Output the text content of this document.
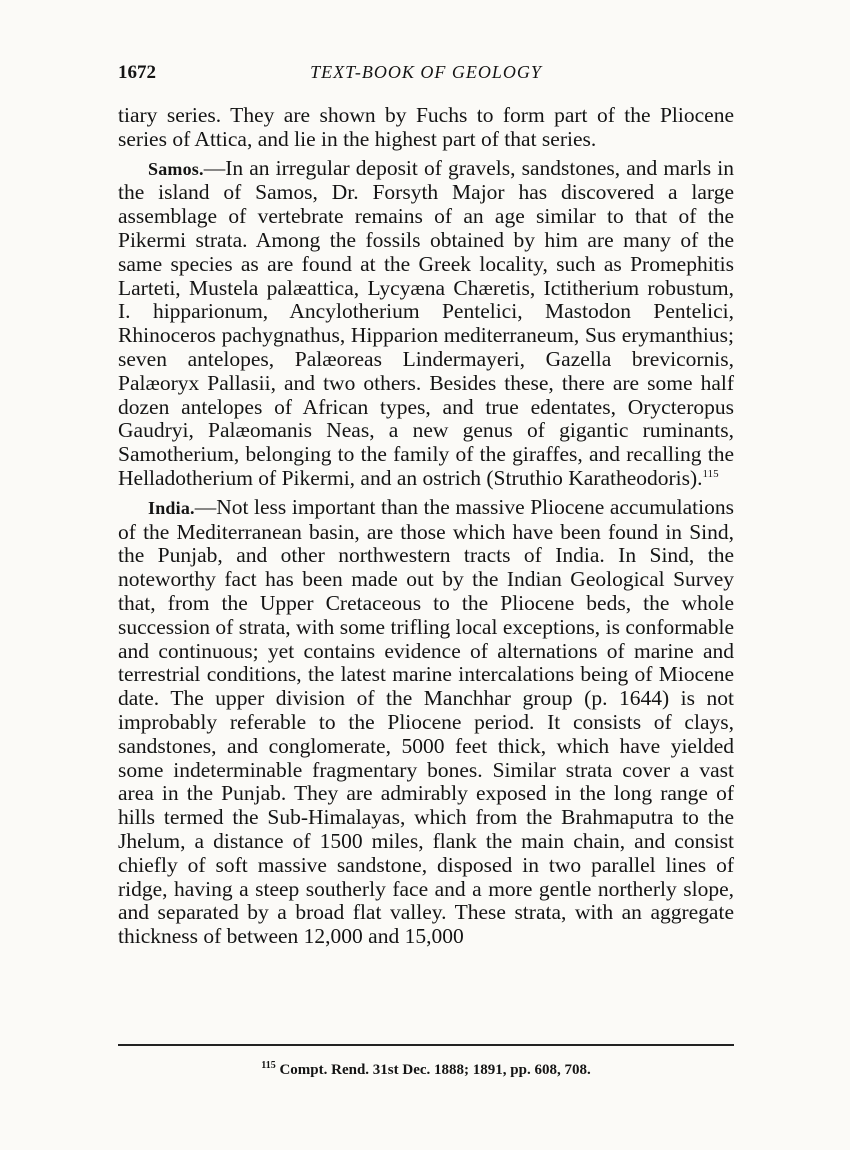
1672	TEXT-BOOK OF GEOLOGY

tiary series. They are shown by Fuchs to form part of the Pliocene series of Attica, and lie in the highest part of that series.

Samos.—In an irregular deposit of gravels, sandstones, and marls in the island of Samos, Dr. Forsyth Major has discovered a large assemblage of vertebrate remains of an age similar to that of the Pikermi strata. Among the fossils obtained by him are many of the same species as are found at the Greek locality, such as Promephitis Larteti, Mustela palæattica, Lycyæna Chæretis, Ictitherium robustum, I. hipparionum, Ancylotherium Pentelici, Mastodon Pentelici, Rhinoceros pachygnathus, Hipparion mediterraneum, Sus erymanthius; seven antelopes, Palæoreas Lindermayeri, Gazella brevicornis, Palæoryx Pallasii, and two others. Besides these, there are some half dozen antelopes of African types, and true edentates, Orycteropus Gaudryi, Palæomanis Neas, a new genus of gigantic ruminants, Samotherium, belonging to the family of the giraffes, and recalling the Helladotherium of Pikermi, and an ostrich (Struthio Karatheodoris).$^{115}$

India.—Not less important than the massive Pliocene accumulations of the Mediterranean basin, are those which have been found in Sind, the Punjab, and other northwestern tracts of India. In Sind, the noteworthy fact has been made out by the Indian Geological Survey that, from the Upper Cretaceous to the Pliocene beds, the whole succession of strata, with some trifling local exceptions, is conformable and continuous; yet contains evidence of alternations of marine and terrestrial conditions, the latest marine intercalations being of Miocene date. The upper division of the Manchhar group (p. 1644) is not improbably referable to the Pliocene period. It consists of clays, sandstones, and conglomerate, 5000 feet thick, which have yielded some indeterminable fragmentary bones. Similar strata cover a vast area in the Punjab. They are admirably exposed in the long range of hills termed the Sub-Himalayas, which from the Brahmaputra to the Jhelum, a distance of 1500 miles, flank the main chain, and consist chiefly of soft massive sandstone, disposed in two parallel lines of ridge, having a steep southerly face and a more gentle northerly slope, and separated by a broad flat valley. These strata, with an aggregate thickness of between 12,000 and 15,000

$^{115}$ Compt. Rend. 31st Dec. 1888; 1891, pp. 608, 708.
